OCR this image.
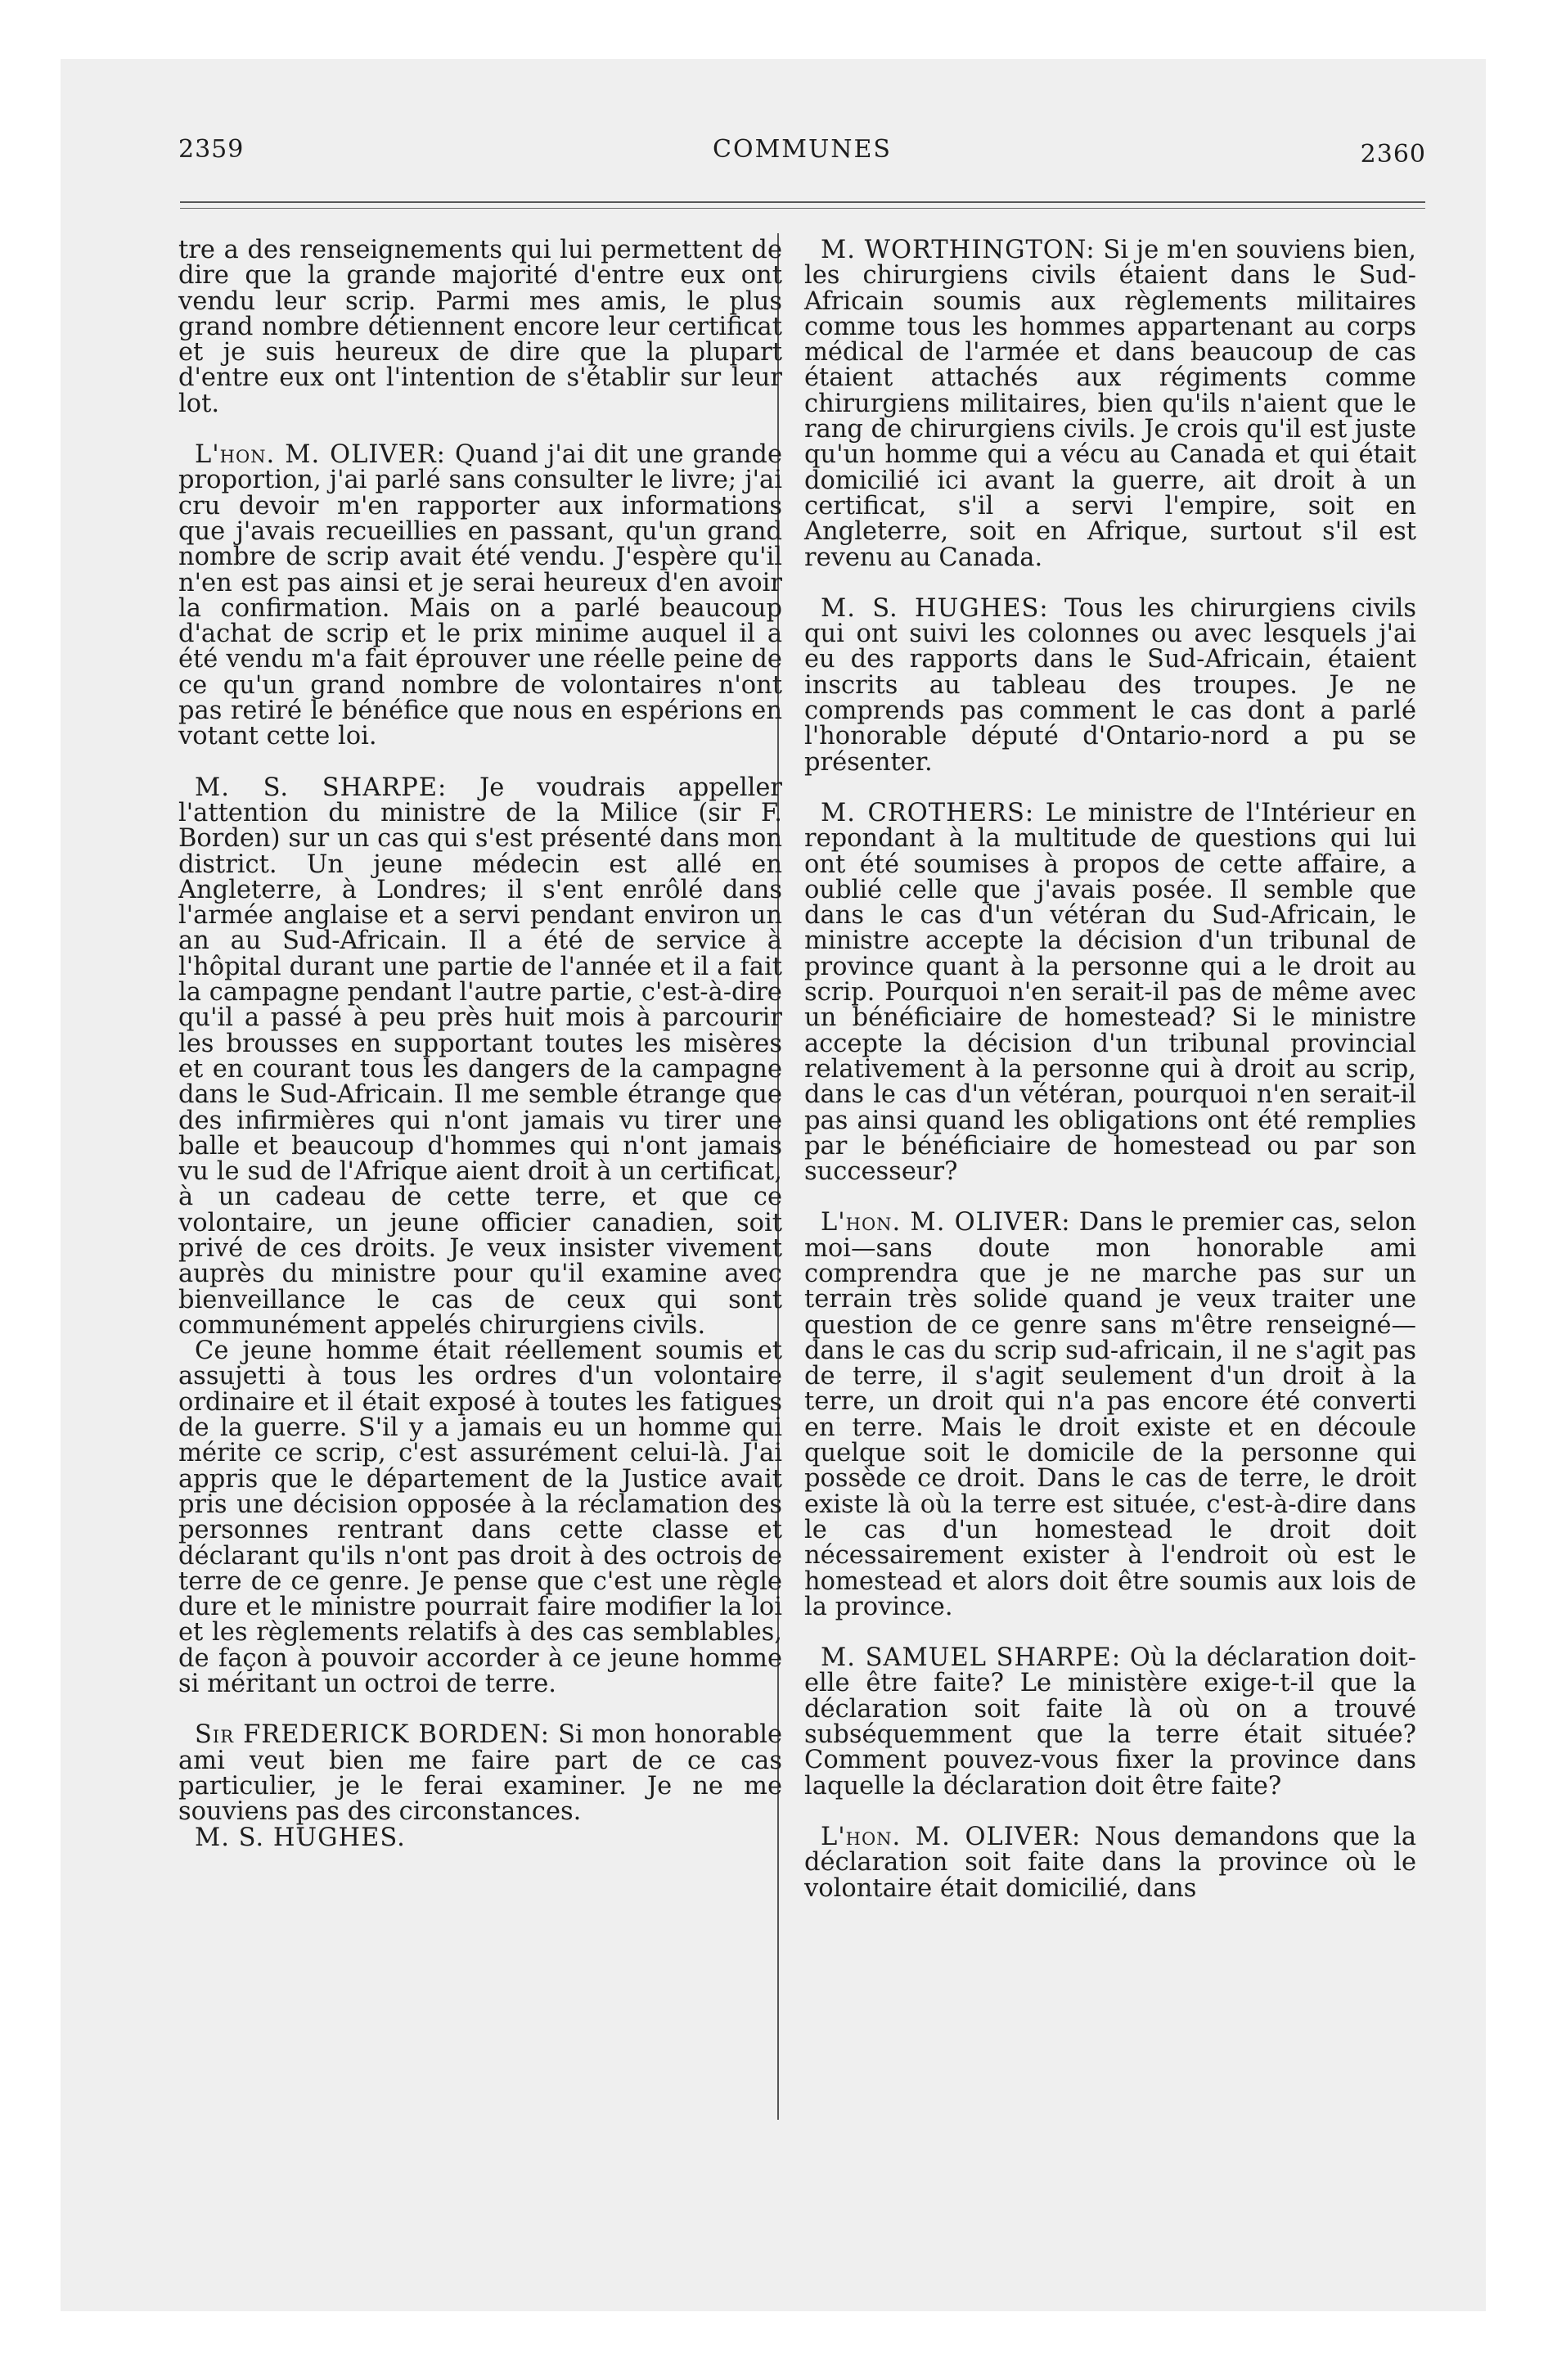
2359	COMMUNES	2360

tre a des renseignements qui lui permettent de dire que la grande majorité d'entre eux ont vendu leur scrip. Parmi mes amis, le plus grand nombre détiennent encore leur certificat et je suis heureux de dire que la plupart d'entre eux ont l'intention de s'établir sur leur lot.

L'hon. M. OLIVER: Quand j'ai dit une grande proportion, j'ai parlé sans consulter le livre; j'ai cru devoir m'en rapporter aux informations que j'avais recueillies en passant, qu'un grand nombre de scrip avait été vendu. J'espère qu'il n'en est pas ainsi et je serai heureux d'en avoir la confirmation. Mais on a parlé beaucoup d'achat de scrip et le prix minime auquel il a été vendu m'a fait éprouver une réelle peine de ce qu'un grand nombre de volontaires n'ont pas retiré le bénéfice que nous en espérions en votant cette loi.

M. S. SHARPE: Je voudrais appeller l'attention du ministre de la Milice (sir F. Borden) sur un cas qui s'est présenté dans mon district. Un jeune médecin est allé en Angleterre, à Londres; il s'ent enrôlé dans l'armée anglaise et a servi pendant environ un an au Sud-Africain. Il a été de service à l'hôpital durant une partie de l'année et il a fait la campagne pendant l'autre partie, c'est-à-dire qu'il a passé à peu près huit mois à parcourir les brousses en supportant toutes les misères et en courant tous les dangers de la campagne dans le Sud-Africain. Il me semble étrange que des infirmières qui n'ont jamais vu tirer une balle et beaucoup d'hommes qui n'ont jamais vu le sud de l'Afrique aient droit à un certificat, à un cadeau de cette terre, et que ce volontaire, un jeune officier canadien, soit privé de ces droits. Je veux insister vivement auprès du ministre pour qu'il examine avec bienveillance le cas de ceux qui sont communément appelés chirurgiens civils.

Ce jeune homme était réellement soumis et assujetti à tous les ordres d'un volontaire ordinaire et il était exposé à toutes les fatigues de la guerre. S'il y a jamais eu un homme qui mérite ce scrip, c'est assurément celui-là. J'ai appris que le département de la Justice avait pris une décision opposée à la réclamation des personnes rentrant dans cette classe et déclarant qu'ils n'ont pas droit à des octrois de terre de ce genre. Je pense que c'est une règle dure et le ministre pourrait faire modifier la loi et les règlements relatifs à des cas semblables, de façon à pouvoir accorder à ce jeune homme si méritant un octroi de terre.

Sir FREDERICK BORDEN: Si mon honorable ami veut bien me faire part de ce cas particulier, je le ferai examiner. Je ne me souviens pas des circonstances.

M. S. HUGHES.

M. WORTHINGTON: Si je m'en souviens bien, les chirurgiens civils étaient dans le Sud-Africain soumis aux règlements militaires comme tous les hommes appartenant au corps médical de l'armée et dans beaucoup de cas étaient attachés aux régiments comme chirurgiens militaires, bien qu'ils n'aient que le rang de chirurgiens civils. Je crois qu'il est juste qu'un homme qui a vécu au Canada et qui était domicilié ici avant la guerre, ait droit à un certificat, s'il a servi l'empire, soit en Angleterre, soit en Afrique, surtout s'il est revenu au Canada.

M. S. HUGHES: Tous les chirurgiens civils qui ont suivi les colonnes ou avec lesquels j'ai eu des rapports dans le Sud-Africain, étaient inscrits au tableau des troupes. Je ne comprends pas comment le cas dont a parlé l'honorable député d'Ontario-nord a pu se présenter.

M. CROTHERS: Le ministre de l'Intérieur en repondant à la multitude de questions qui lui ont été soumises à propos de cette affaire, a oublié celle que j'avais posée. Il semble que dans le cas d'un vétéran du Sud-Africain, le ministre accepte la décision d'un tribunal de province quant à la personne qui a le droit au scrip. Pourquoi n'en serait-il pas de même avec un bénéficiaire de homestead? Si le ministre accepte la décision d'un tribunal provincial relativement à la personne qui à droit au scrip, dans le cas d'un vétéran, pourquoi n'en serait-il pas ainsi quand les obligations ont été remplies par le bénéficiaire de homestead ou par son successeur?

L'hon. M. OLIVER: Dans le premier cas, selon moi—sans doute mon honorable ami comprendra que je ne marche pas sur un terrain très solide quand je veux traiter une question de ce genre sans m'être renseigné—dans le cas du scrip sud-africain, il ne s'agit pas de terre, il s'agit seulement d'un droit à la terre, un droit qui n'a pas encore été converti en terre. Mais le droit existe et en découle quelque soit le domicile de la personne qui possède ce droit. Dans le cas de terre, le droit existe là où la terre est située, c'est-à-dire dans le cas d'un homestead le droit doit nécessairement exister à l'endroit où est le homestead et alors doit être soumis aux lois de la province.

M. SAMUEL SHARPE: Où la déclaration doit-elle être faite? Le ministère exige-t-il que la déclaration soit faite là où on a trouvé subséquemment que la terre était située? Comment pouvez-vous fixer la province dans laquelle la déclaration doit être faite?

L'hon. M. OLIVER: Nous demandons que la déclaration soit faite dans la province où le volontaire était domicilié, dans
